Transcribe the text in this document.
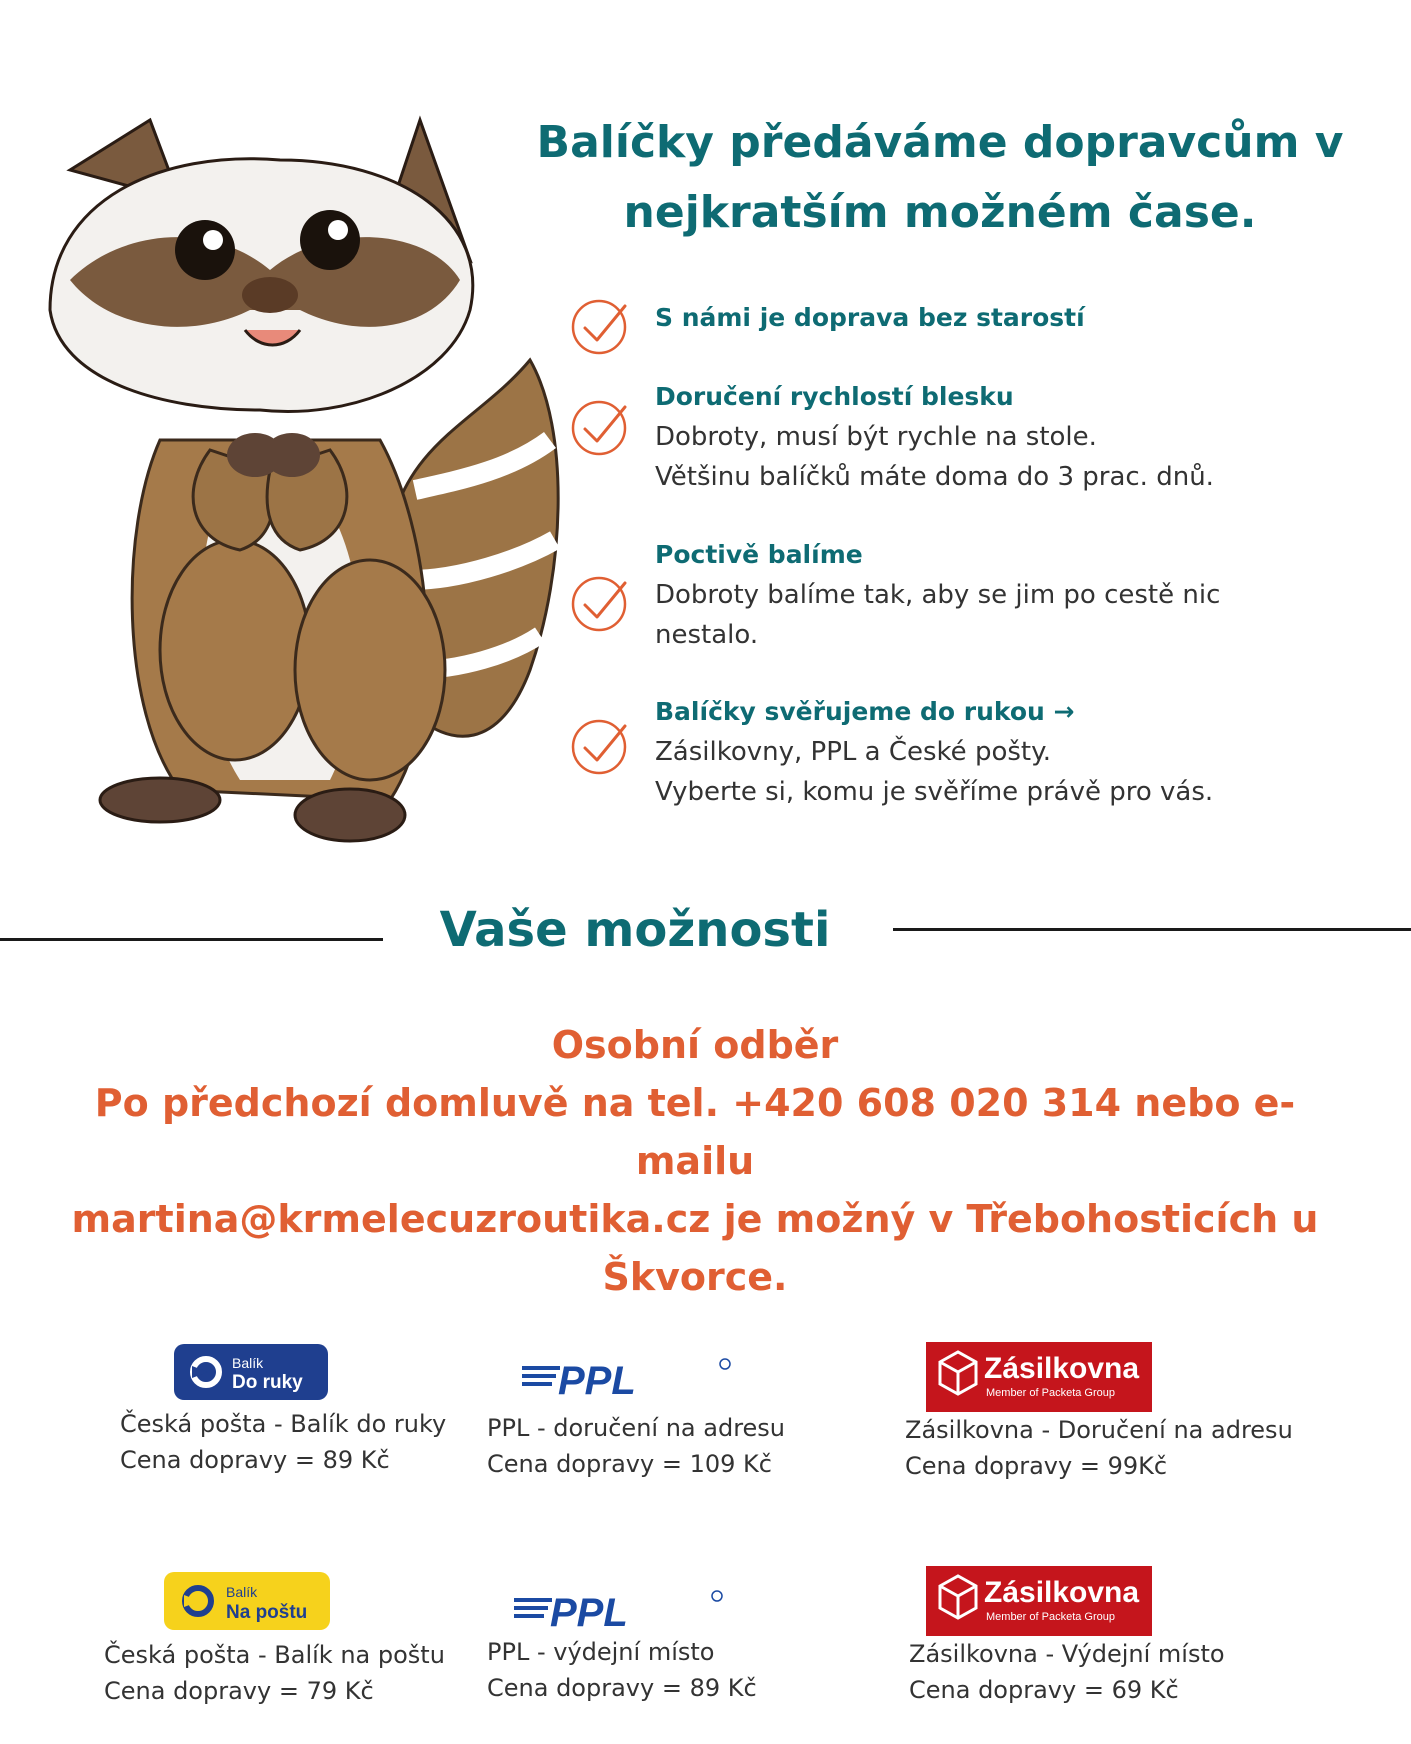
Balíčky předáváme dopravcům v
nejkratším možném čase.
S námi je doprava bez starostí
Doručení rychlostí blesku
Dobroty, musí být rychle na stole.
Většinu balíčků máte doma do 3 prac. dnů.
Poctivě balíme
Dobroty balíme tak, aby se jim po cestě nic
nestalo.
Balíčky svěřujeme do rukou →
Zásilkovny, PPL a České pošty.
Vyberte si, komu je svěříme právě pro vás.
Vaše možnosti
Osobní odběr
Po předchozí domluvě na tel. +420 608 020 314 nebo e-mailu
martina@krmelecuzroutika.cz je možný v Třebohosticích u
Škvorce.
Balík
Do ruky	PPL	Zásilkovna
Member of Packeta Group
Česká pošta - Balík do ruky
Cena dopravy = 89 Kč
PPL - doručení na adresu
Cena dopravy = 109 Kč
Zásilkovna - Doručení na adresu
Cena dopravy = 99Kč
Balík
Na poštu	PPL	Zásilkovna
Member of Packeta Group
Česká pošta - Balík na poštu
Cena dopravy = 79 Kč
PPL - výdejní místo
Cena dopravy = 89 Kč
Zásilkovna - Výdejní místo
Cena dopravy = 69 Kč
